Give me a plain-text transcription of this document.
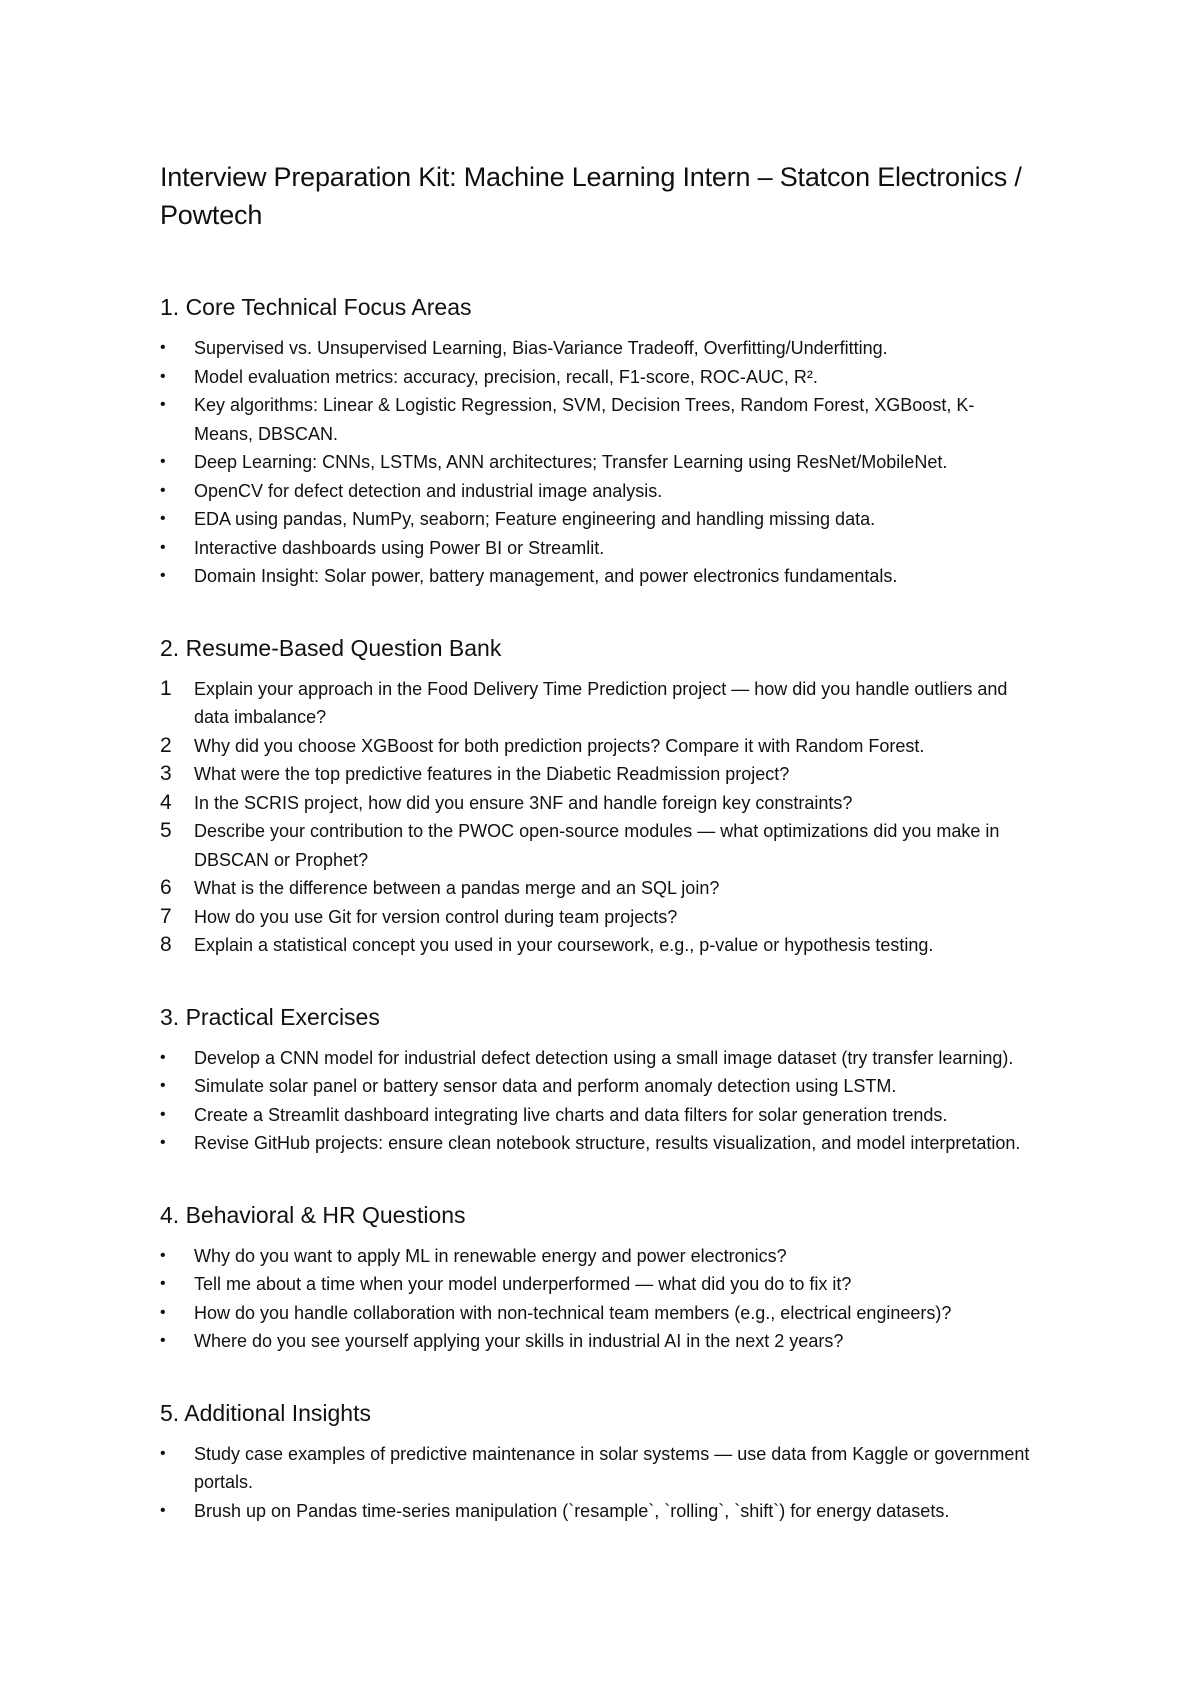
Interview Preparation Kit: Machine Learning Intern – Statcon Electronics / Powtech
1. Core Technical Focus Areas
•	Supervised vs. Unsupervised Learning, Bias-Variance Tradeoff, Overfitting/Underfitting.
•	Model evaluation metrics: accuracy, precision, recall, F1-score, ROC-AUC, R².
•	Key algorithms: Linear & Logistic Regression, SVM, Decision Trees, Random Forest, XGBoost, K-Means, DBSCAN.
•	Deep Learning: CNNs, LSTMs, ANN architectures; Transfer Learning using ResNet/MobileNet.
•	OpenCV for defect detection and industrial image analysis.
•	EDA using pandas, NumPy, seaborn; Feature engineering and handling missing data.
•	Interactive dashboards using Power BI or Streamlit.
•	Domain Insight: Solar power, battery management, and power electronics fundamentals.
2. Resume-Based Question Bank
1	Explain your approach in the Food Delivery Time Prediction project — how did you handle outliers and data imbalance?
2	Why did you choose XGBoost for both prediction projects? Compare it with Random Forest.
3	What were the top predictive features in the Diabetic Readmission project?
4	In the SCRIS project, how did you ensure 3NF and handle foreign key constraints?
5	Describe your contribution to the PWOC open-source modules — what optimizations did you make in DBSCAN or Prophet?
6	What is the difference between a pandas merge and an SQL join?
7	How do you use Git for version control during team projects?
8	Explain a statistical concept you used in your coursework, e.g., p-value or hypothesis testing.
3. Practical Exercises
•	Develop a CNN model for industrial defect detection using a small image dataset (try transfer learning).
•	Simulate solar panel or battery sensor data and perform anomaly detection using LSTM.
•	Create a Streamlit dashboard integrating live charts and data filters for solar generation trends.
•	Revise GitHub projects: ensure clean notebook structure, results visualization, and model interpretation.
4. Behavioral & HR Questions
•	Why do you want to apply ML in renewable energy and power electronics?
•	Tell me about a time when your model underperformed — what did you do to fix it?
•	How do you handle collaboration with non-technical team members (e.g., electrical engineers)?
•	Where do you see yourself applying your skills in industrial AI in the next 2 years?
5. Additional Insights
•	Study case examples of predictive maintenance in solar systems — use data from Kaggle or government portals.
•	Brush up on Pandas time-series manipulation (`resample`, `rolling`, `shift`) for energy datasets.
